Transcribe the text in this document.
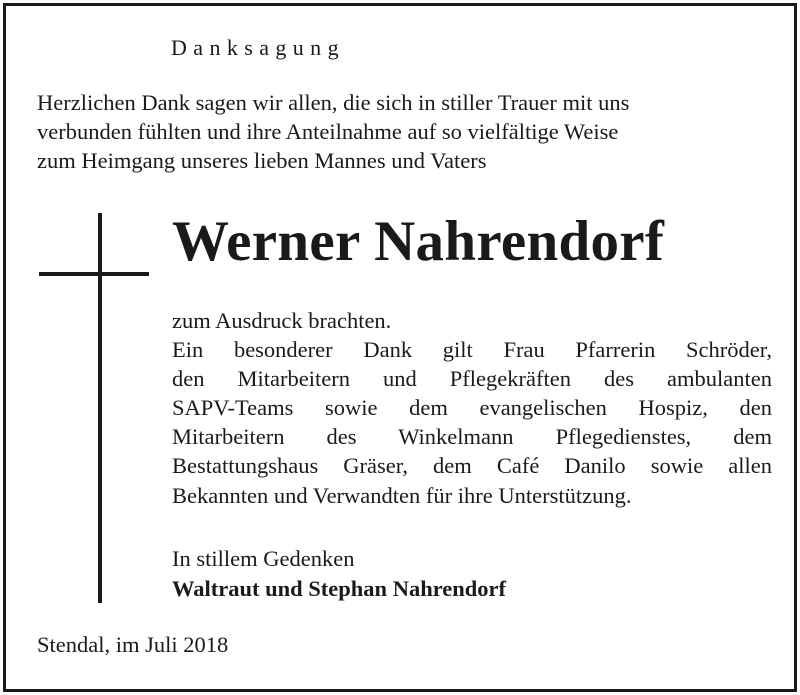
Danksagung

Herzlichen Dank sagen wir allen, die sich in stiller Trauer mit uns
verbunden fühlten und ihre Anteilnahme auf so vielfältige Weise
zum Heimgang unseres lieben Mannes und Vaters

Werner Nahrendorf
zum Ausdruck brachten.
Ein besonderer Dank gilt Frau Pfarrerin Schröder,
den Mitarbeitern und Pflegekräften des ambulanten
SAPV-Teams sowie dem evangelischen Hospiz, den
Mitarbeitern des Winkelmann Pflegedienstes, dem
Bestattungshaus Gräser, dem Café Danilo sowie allen
Bekannten und Verwandten für ihre Unterstützung.

In stillem Gedenken

Waltraut und Stephan Nahrendorf

Stendal, im Juli 2018
